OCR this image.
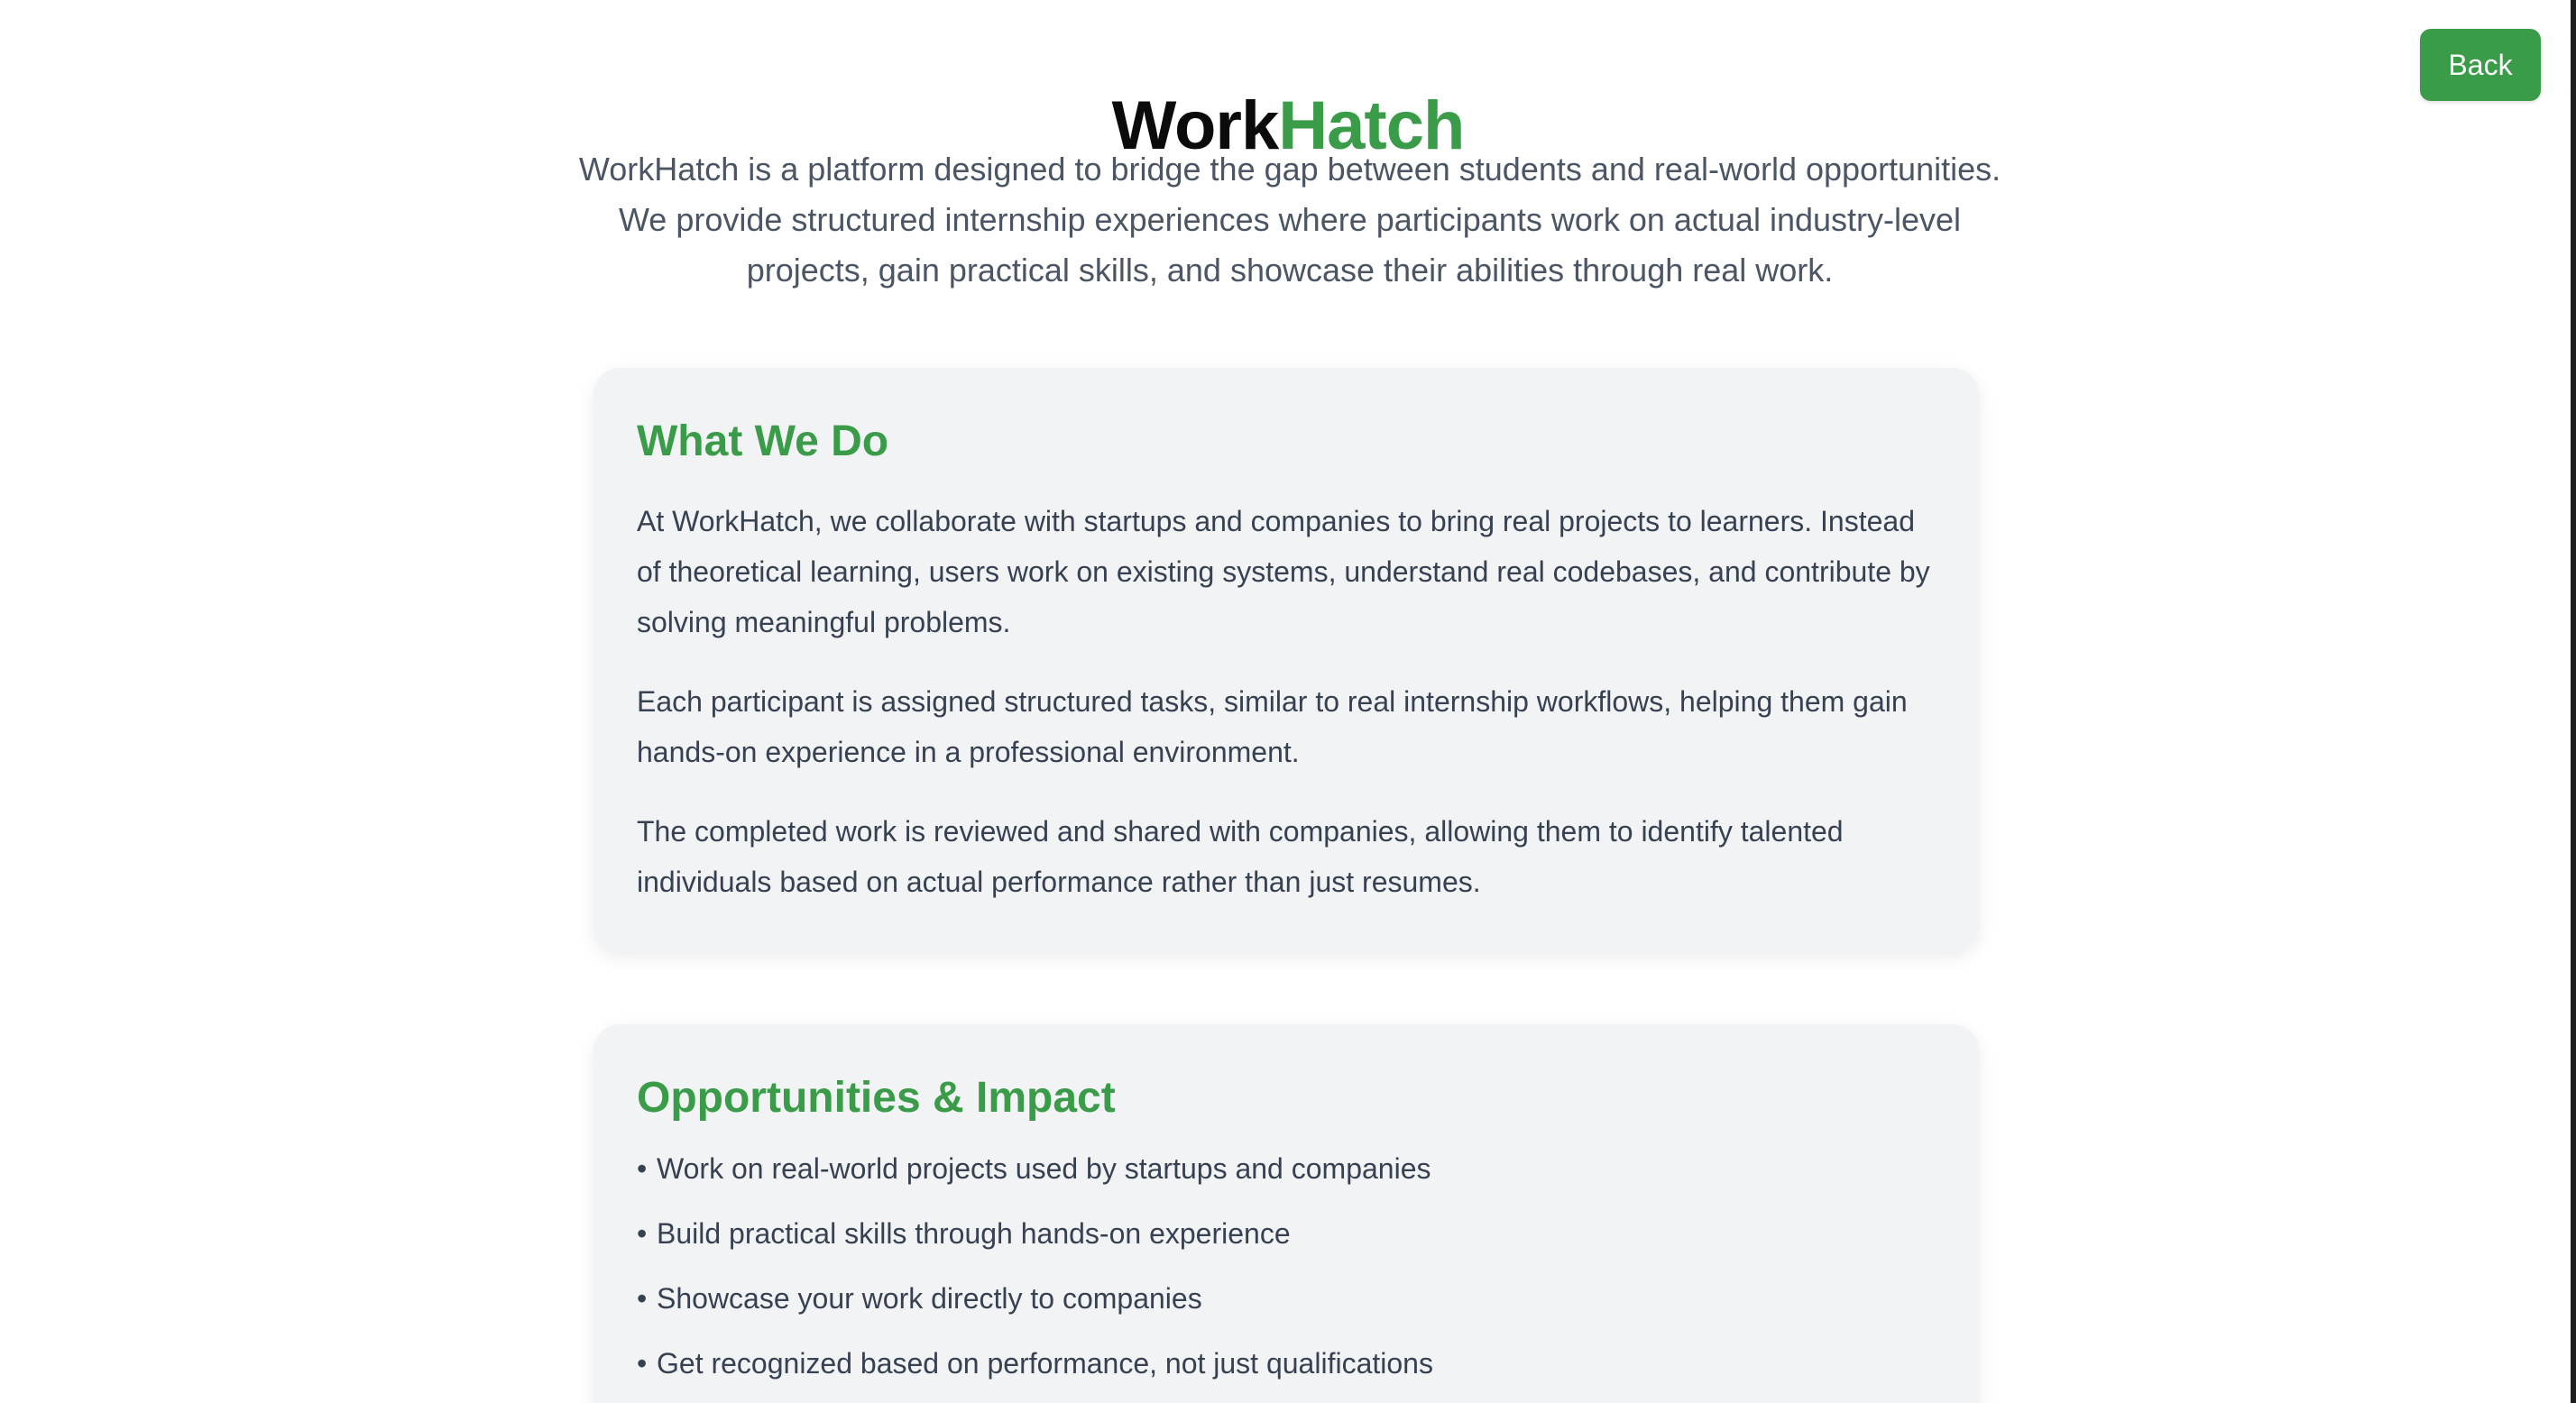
Back
WorkHatch

WorkHatch is a platform designed to bridge the gap between students and real-world opportunities. We provide structured internship experiences where participants work on actual industry-level projects, gain practical skills, and showcase their abilities through real work.

What We Do

At WorkHatch, we collaborate with startups and companies to bring real projects to learners. Instead of theoretical learning, users work on existing systems, understand real codebases, and contribute by solving meaningful problems.

Each participant is assigned structured tasks, similar to real internship workflows, helping them gain hands-on experience in a professional environment.

The completed work is reviewed and shared with companies, allowing them to identify talented individuals based on actual performance rather than just resumes.

Opportunities & Impact
• Work on real-world projects used by startups and companies
• Build practical skills through hands-on experience
• Showcase your work directly to companies
• Get recognized based on performance, not just qualifications
